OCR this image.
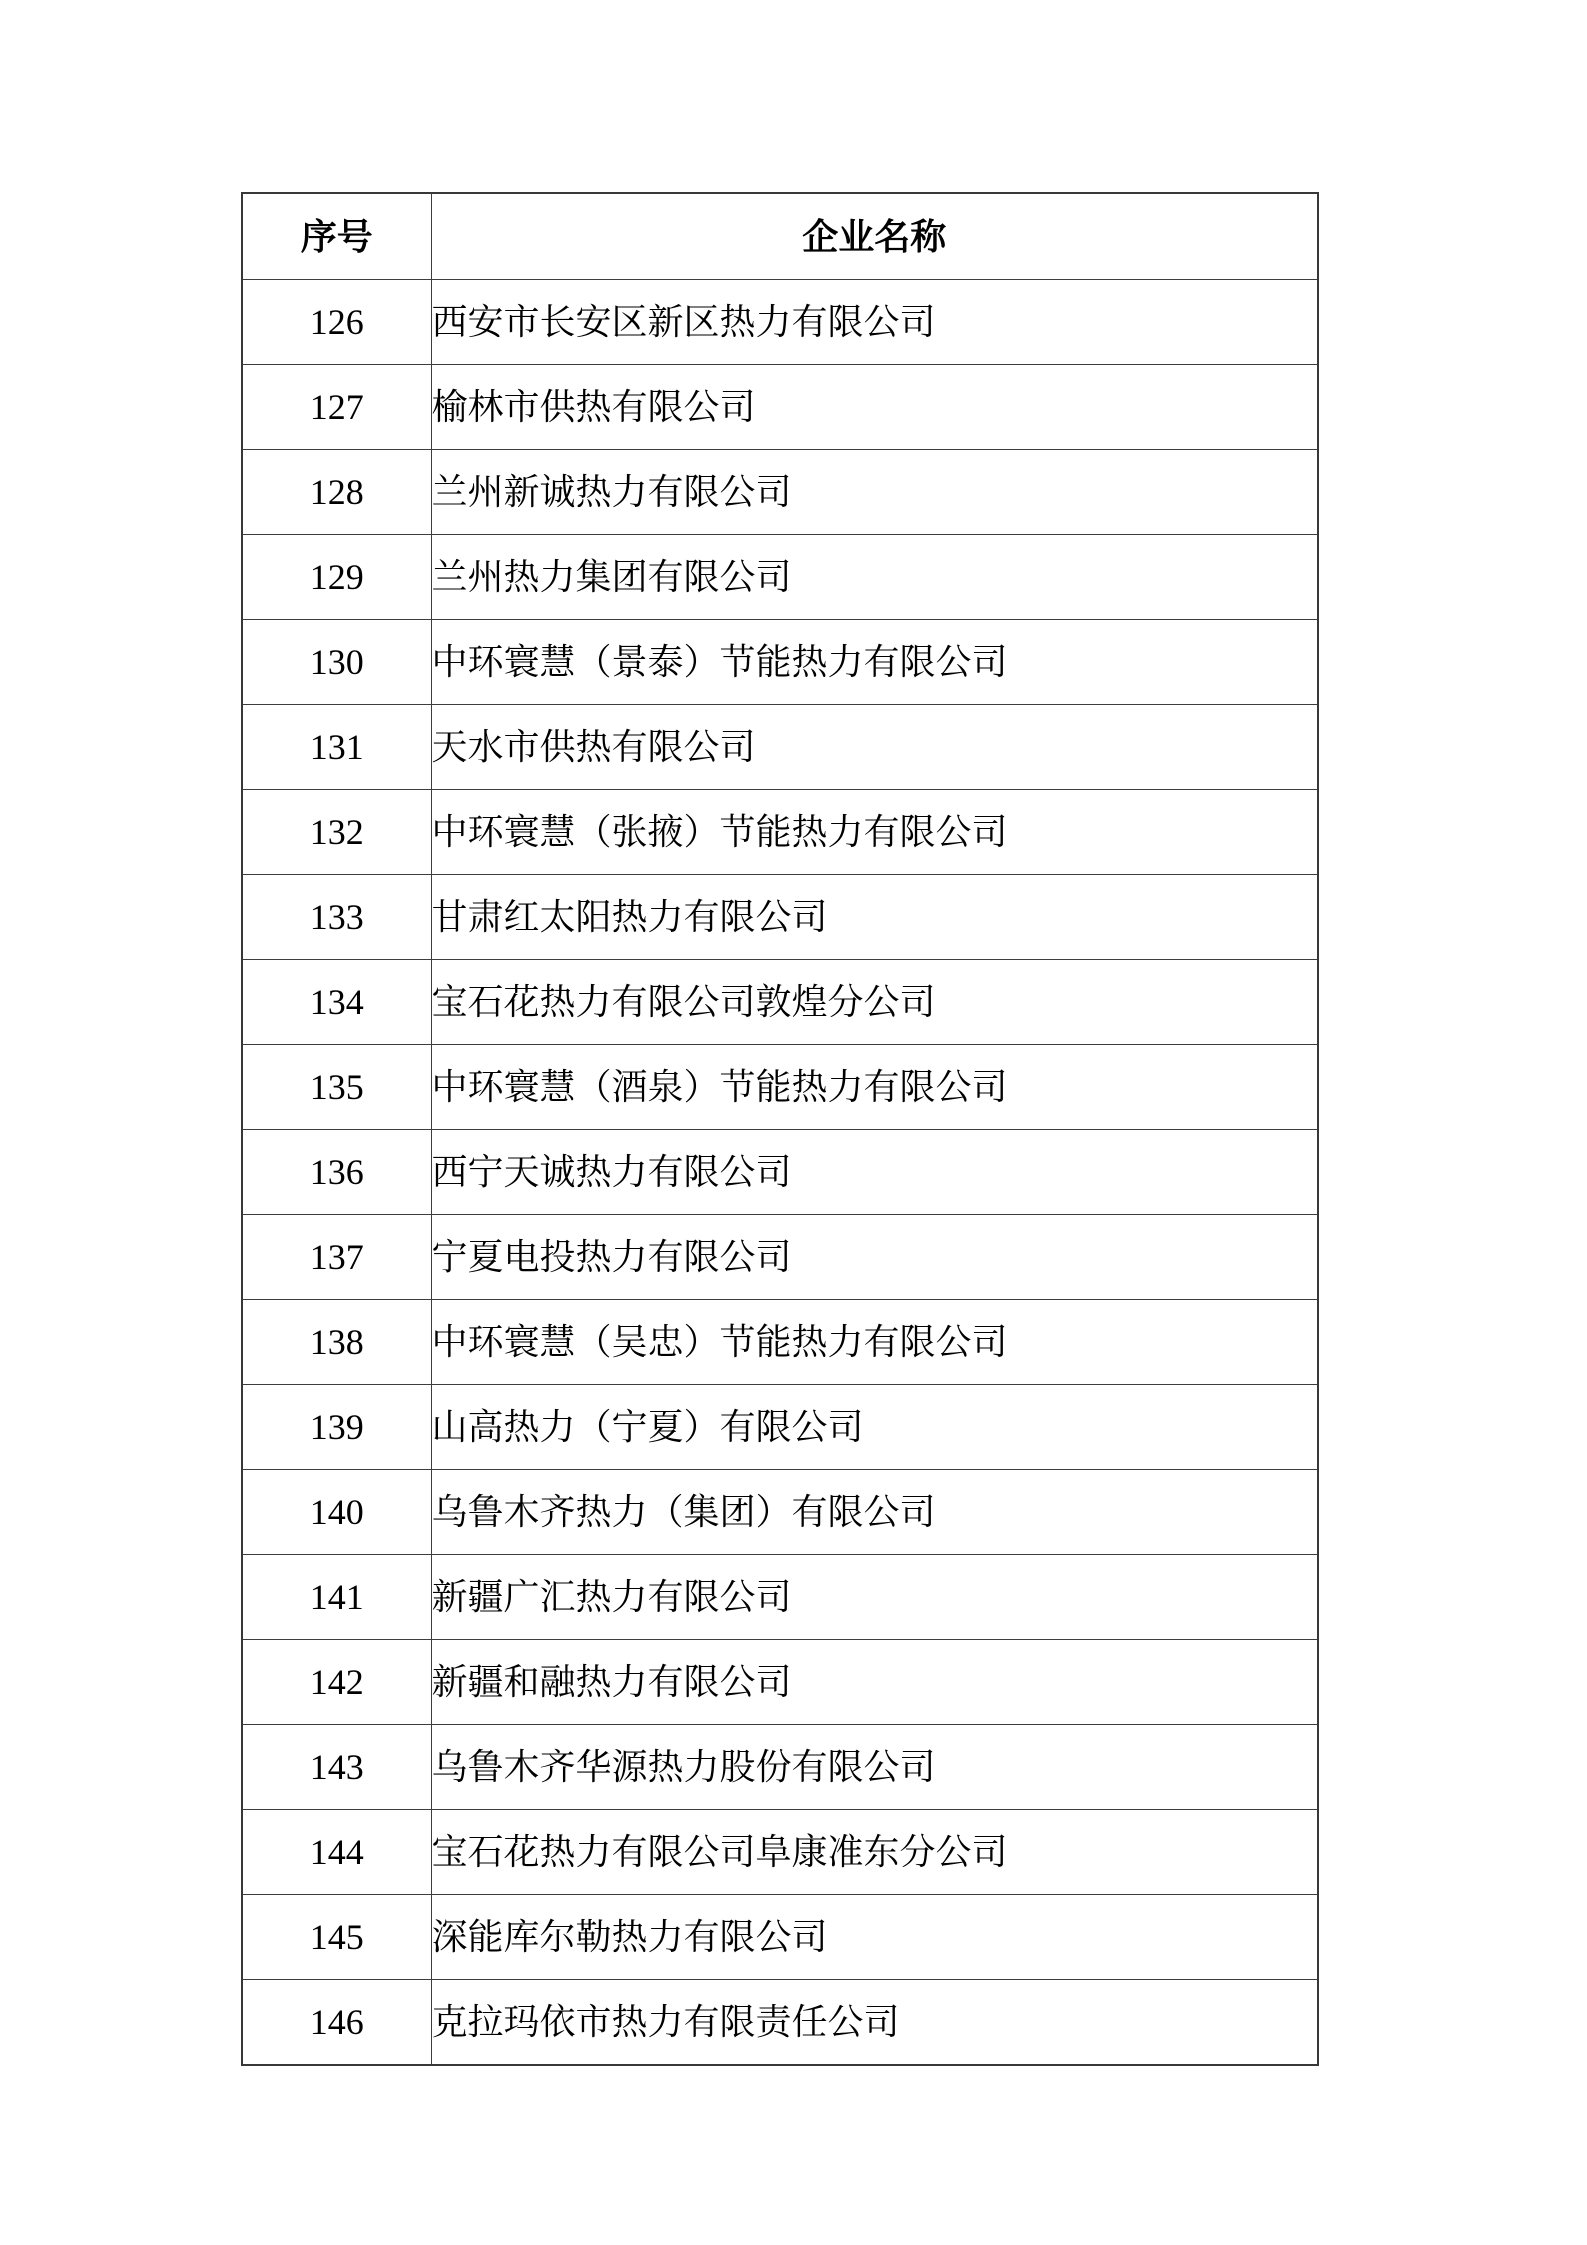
序号	企业名称
126	西安市长安区新区热力有限公司
127	榆林市供热有限公司
128	兰州新诚热力有限公司
129	兰州热力集团有限公司
130	中环寰慧（景泰）节能热力有限公司
131	天水市供热有限公司
132	中环寰慧（张掖）节能热力有限公司
133	甘肃红太阳热力有限公司
134	宝石花热力有限公司敦煌分公司
135	中环寰慧（酒泉）节能热力有限公司
136	西宁天诚热力有限公司
137	宁夏电投热力有限公司
138	中环寰慧（吴忠）节能热力有限公司
139	山高热力（宁夏）有限公司
140	乌鲁木齐热力（集团）有限公司
141	新疆广汇热力有限公司
142	新疆和融热力有限公司
143	乌鲁木齐华源热力股份有限公司
144	宝石花热力有限公司阜康准东分公司
145	深能库尔勒热力有限公司
146	克拉玛依市热力有限责任公司
